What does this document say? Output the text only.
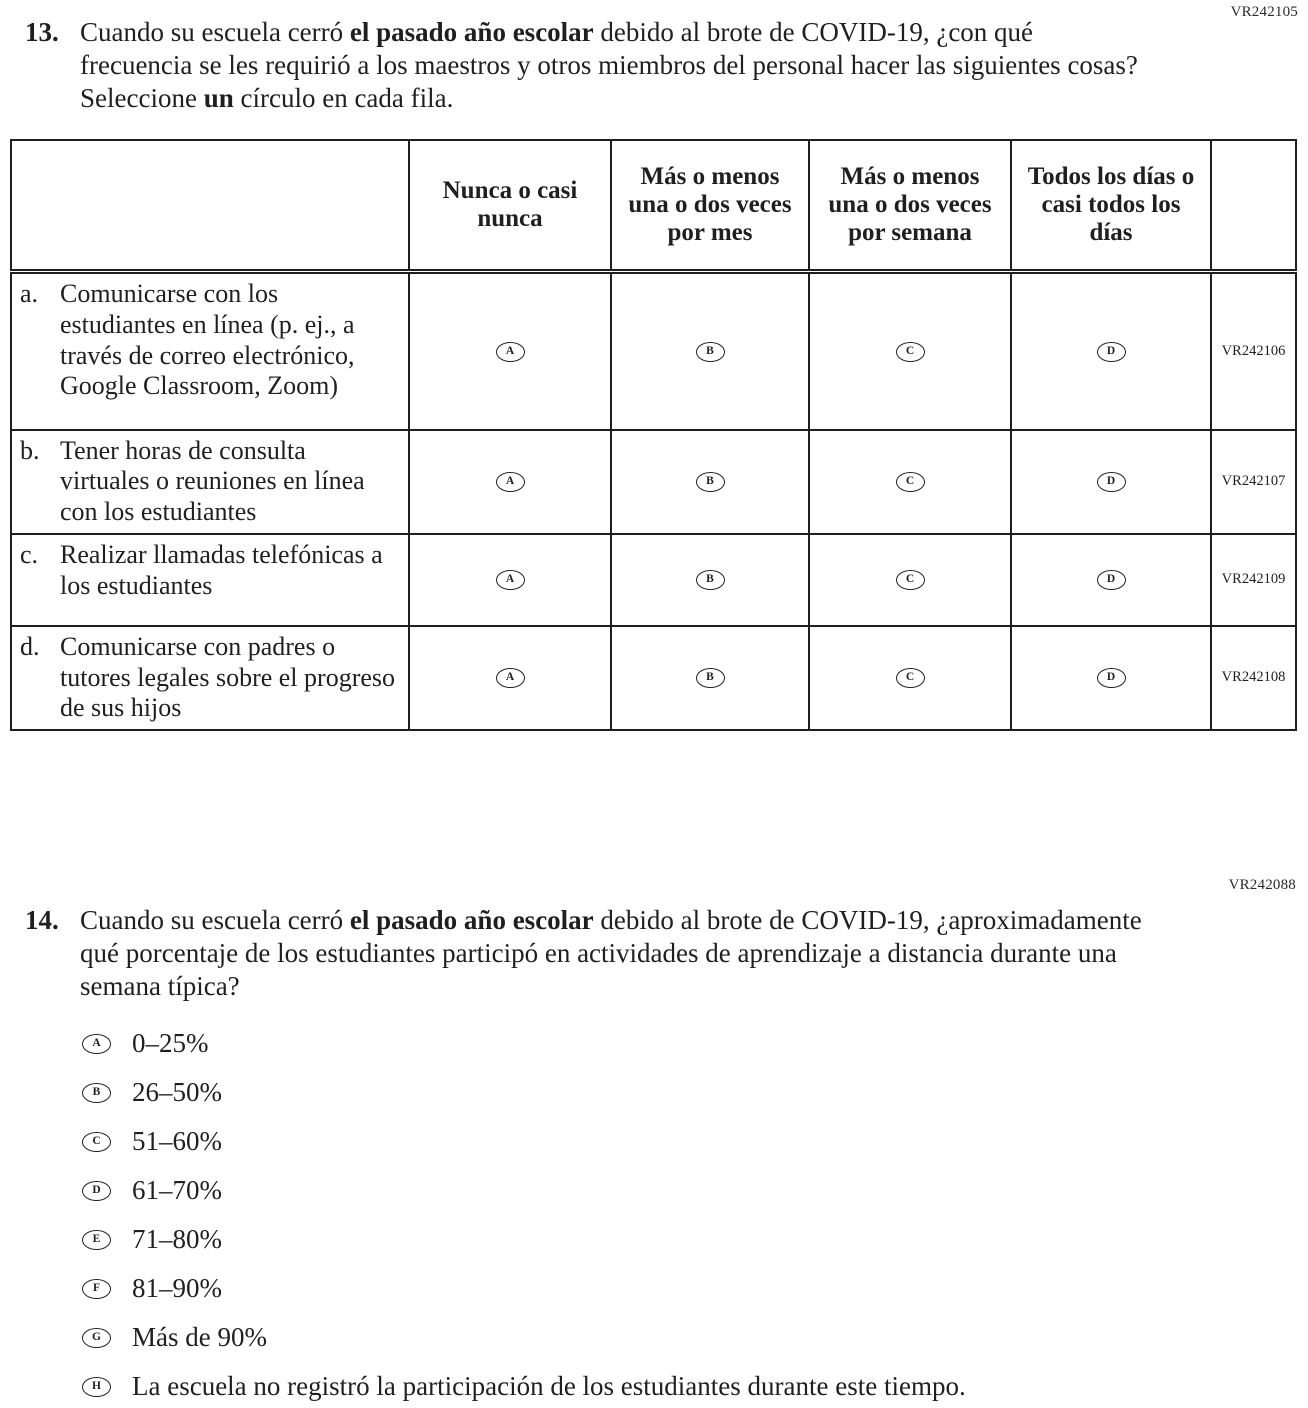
VR242105
13. Cuando su escuela cerró el pasado año escolar debido al brote de COVID-19, ¿con qué frecuencia se les requirió a los maestros y otros miembros del personal hacer las siguientes cosas? Seleccione un círculo en cada fila.
	Nunca o casi nunca	Más o menos una o dos veces por mes	Más o menos una o dos veces por semana	Todos los días o casi todos los días	

a. Comunicarse con los estudiantes en línea (p. ej., a través de correo electrónico, Google Classroom, Zoom)	A	B	C	D	VR242106

b. Tener horas de consulta virtuales o reuniones en línea con los estudiantes	A	B	C	D	VR242107

c. Realizar llamadas telefónicas a los estudiantes	A	B	C	D	VR242109

d. Comunicarse con padres o tutores legales sobre el progreso de sus hijos	A	B	C	D	VR242108
VR242088
14. Cuando su escuela cerró el pasado año escolar debido al brote de COVID-19, ¿aproximadamente qué porcentaje de los estudiantes participó en actividades de aprendizaje a distancia durante una semana típica?
A	0–25%
B	26–50%
C	51–60%
D	61–70%
E	71–80%
F	81–90%
G	Más de 90%
H	La escuela no registró la participación de los estudiantes durante este tiempo.
